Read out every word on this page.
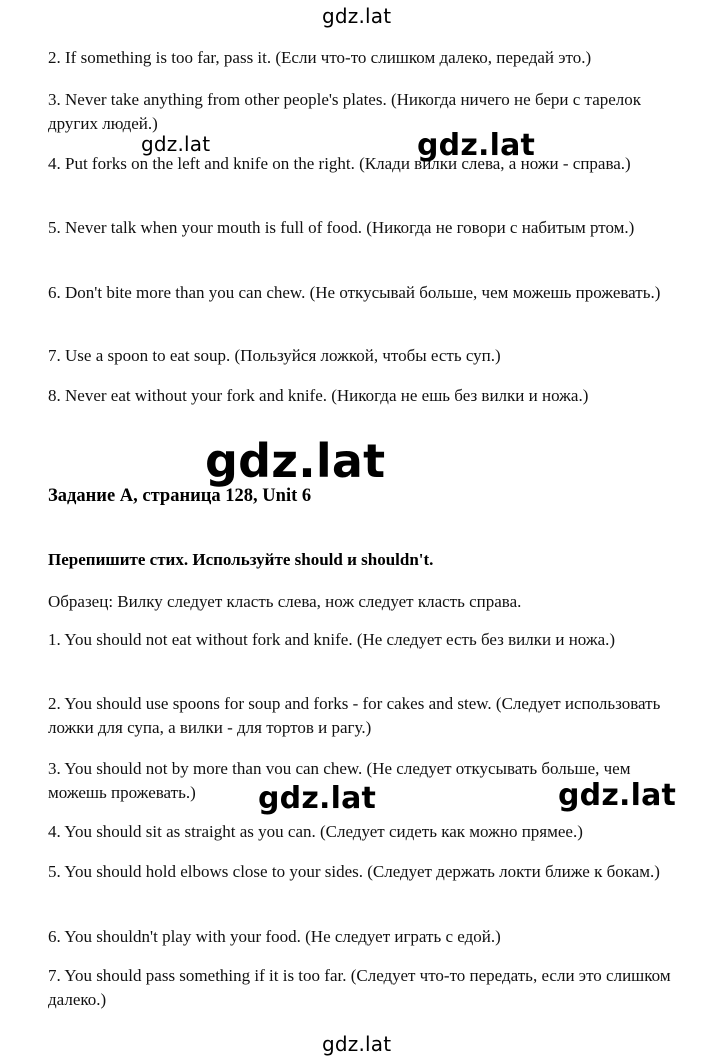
2. If something is too far, pass it. (Если что-то слишком далеко, передай это.)
3. Never take anything from other people's plates. (Никогда ничего не бери с тарелок других людей.)
4. Put forks on the left and knife on the right. (Клади вилки слева, а ножи - справа.)
5. Never talk when your mouth is full of food. (Никогда не говори с набитым ртом.)
6. Don't bite more than you can chew. (Не откусывай больше, чем можешь прожевать.)
7. Use a spoon to eat soup. (Пользуйся ложкой, чтобы есть суп.)
8. Never eat without your fork and knife. (Никогда не ешь без вилки и ножа.)
Задание А, страница 128, Unit 6
Перепишите стих. Используйте should и shouldn't.
Образец: Вилку следует класть слева, нож следует класть справа.
1. You should not eat without fork and knife. (Не следует есть без вилки и ножа.)
2. You should use spoons for soup and forks - for cakes and stew. (Следует использовать ложки для супа, а вилки - для тортов и рагу.)
3. You should not by more than vou can chew. (Не следует откусывать больше, чем можешь прожевать.)
4. You should sit as straight as you can. (Следует сидеть как можно прямее.)
5. You should hold elbows close to your sides. (Следует держать локти ближе к бокам.)
6. You shouldn't play with your food. (Не следует играть с едой.)
7. You should pass something if it is too far. (Следует что-то передать, если это слишком далеко.)
gdz.lat
gdz.lat	gdz.lat
gdz.lat
gdz.lat	gdz.lat
gdz.lat
